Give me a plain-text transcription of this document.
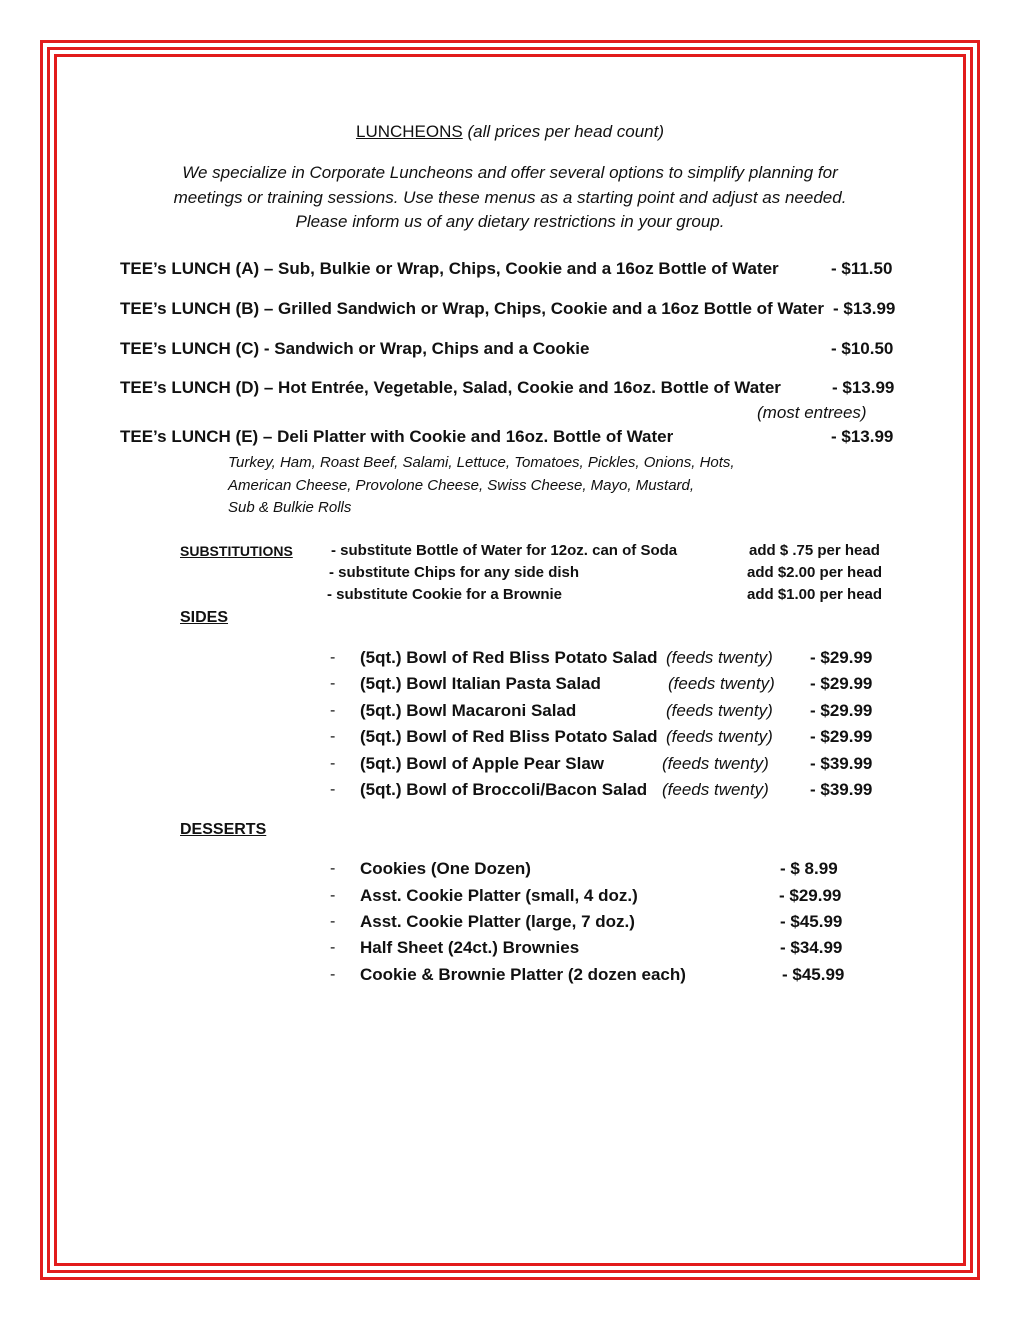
LUNCHEONS (all prices per head count)
We specialize in Corporate Luncheons and offer several options to simplify planning for
meetings or training sessions. Use these menus as a starting point and adjust as needed.
Please inform us of any dietary restrictions in your group.
TEE’s LUNCH (A) – Sub, Bulkie or Wrap, Chips, Cookie and a 16oz Bottle of Water	- $11.50
TEE’s LUNCH (B) – Grilled Sandwich or Wrap, Chips, Cookie and a 16oz Bottle of Water - $13.99
TEE’s LUNCH (C) - Sandwich or Wrap, Chips and a Cookie	- $10.50
TEE’s LUNCH (D) – Hot Entrée, Vegetable, Salad, Cookie and 16oz. Bottle of Water	- $13.99
(most entrees)
TEE’s LUNCH (E) – Deli Platter with Cookie and 16oz. Bottle of Water	- $13.99
Turkey, Ham, Roast Beef, Salami, Lettuce, Tomatoes, Pickles, Onions, Hots,
American Cheese, Provolone Cheese, Swiss Cheese, Mayo, Mustard,
Sub & Bulkie Rolls
SUBSTITUTIONS	- substitute Bottle of Water for 12oz. can of Soda	add $ .75 per head
- substitute Chips for any side dish	add $2.00 per head
- substitute Cookie for a Brownie	add $1.00 per head
SIDES
- (5qt.) Bowl of Red Bliss Potato Salad (feeds twenty) - $29.99
- (5qt.) Bowl Italian Pasta Salad	(feeds twenty) - $29.99
- (5qt.) Bowl Macaroni Salad	(feeds twenty) - $29.99
- (5qt.) Bowl of Red Bliss Potato Salad (feeds twenty) - $29.99
- (5qt.) Bowl of Apple Pear Slaw	(feeds twenty) - $39.99
- (5qt.) Bowl of Broccoli/Bacon Salad (feeds twenty) - $39.99
DESSERTS
- Cookies (One Dozen)	- $ 8.99
- Asst. Cookie Platter (small, 4 doz.)	- $29.99
- Asst. Cookie Platter (large, 7 doz.)	- $45.99
- Half Sheet (24ct.) Brownies	- $34.99
- Cookie & Brownie Platter (2 dozen each)	- $45.99
